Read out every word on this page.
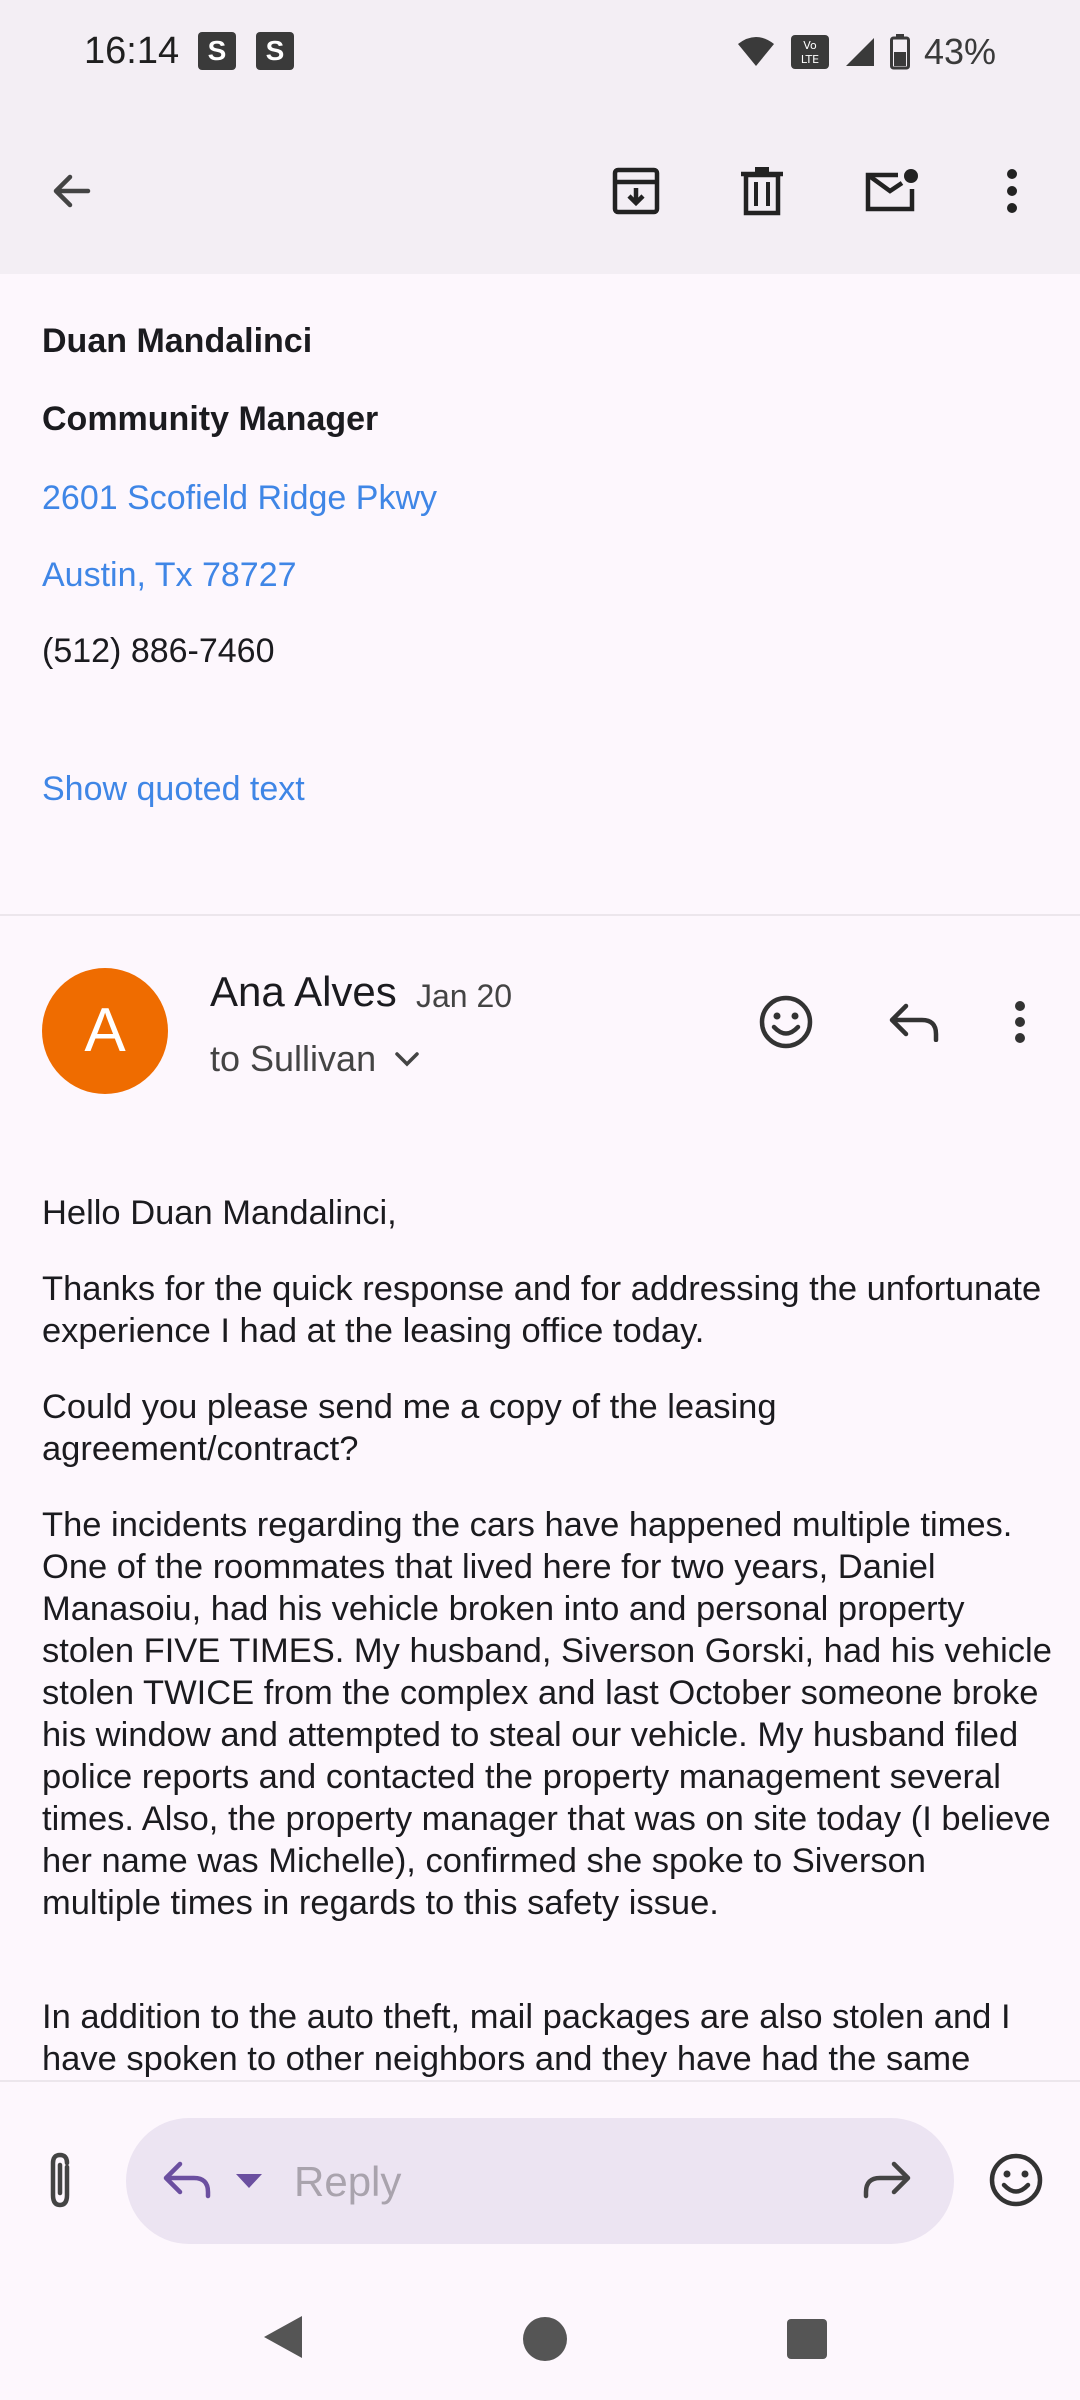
16:14	S	S	Vo
LTE	43%
Duan Mandalinci
Community Manager
2601 Scofield Ridge Pkwy
Austin, Tx 78727
(512) 886-7460
Show quoted text
A
Ana Alves Jan 20
to Sullivan
Hello Duan Mandalinci,
Thanks for the quick response and for addressing the unfortunate experience I had at the leasing office today.
Could you please send me a copy of the leasing agreement/contract?
The incidents regarding the cars have happened multiple times. One of the roommates that lived here for two years, Daniel Manasoiu, had his vehicle broken into and personal property stolen FIVE TIMES. My husband, Siverson Gorski, had his vehicle stolen TWICE from the complex and last October someone broke his window and attempted to steal our vehicle. My husband filed police reports and contacted the property management several times. Also, the property manager that was on site today (I believe her name was Michelle), confirmed she spoke to Siverson multiple times in regards to this safety issue.
In addition to the auto theft, mail packages are also stolen and I have spoken to other neighbors and they have had the same
Reply
